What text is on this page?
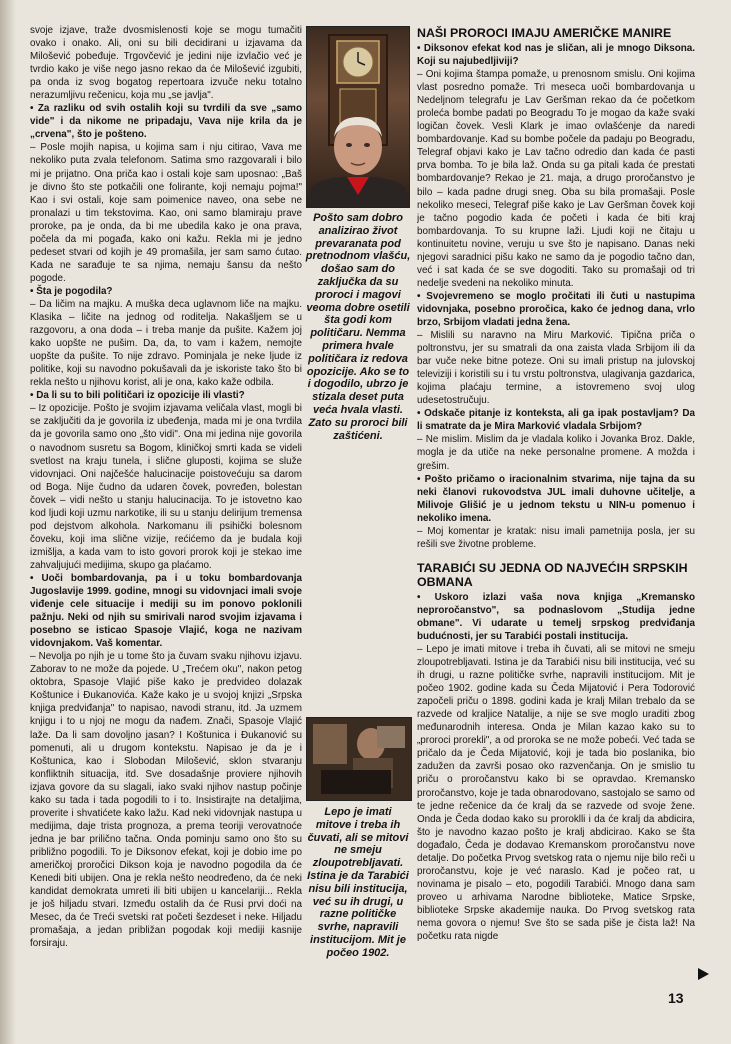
svoje izjave, traže dvosmislenosti koje se mogu tumačiti ovako i onako. Ali, oni su bili decidirani u izjavama da Milošević pobeđuje. Trgovčević je jedini nije izvlačio već je tvrdio kako je više nego jasno rekao da će Milošević izgubiti, pa onda iz svog bogatog repertoara izvuče neku totalno nerazumljivu rečenicu, koja mu „se javlja".

• Za razliku od svih ostalih koji su tvrdili da sve „samo vide" i da nikome ne pripadaju, Vava nije krila da je „crvena", što je pošteno.

– Posle mojih napisa, u kojima sam i nju citirao, Vava me nekoliko puta zvala telefonom. Satima smo razgovarali i bilo mi je prijatno. Ona priča kao i ostali koje sam uposnao: „Baš je divno što ste potkačili one folirante, koji nemaju pojma!" Kao i svi ostali, koje sam poimenice naveo, ona sebe ne pronalazi u tim tekstovima. Kao, oni samo blamiraju prave proroke, pa je onda, da bi me ubedila kako je ona prava, počela da mi pogađa, kako oni kažu. Rekla mi je jedno pedeset stvari od kojih je 49 promašila, jer sam samo ćutao. Kada ne sarađuje te sa njima, nemaju šansu da nešto pogode.

• Šta je pogodila?

– Da ličim na majku. A muška deca uglavnom liče na majku. Klasika – ličite na jednog od roditelja. Nakašljem se u razgovoru, a ona doda – i treba manje da pušite. Kažem joj kako uopšte ne pušim. Da, da, to vam i kažem, nemojte uopšte da pušite. To nije zdravo. Pominjala je neke ljude iz politike, koji su navodno pokušavali da je iskoriste tako što bi rekla nešto u njihovu korist, ali je ona, kako kaže odbila.

• Da li su to bili političari iz opozicije ili vlasti?

– Iz opozicije. Pošto je svojim izjavama veličala vlast, mogli bi se zaključiti da je govorila iz ubeđenja, mada mi je ona tvrdila da je govorila samo ono „što vidi". Ona mi jedina nije govorila o navodnom susretu sa Bogom, kliničkoj smrti kada se videli svetlost na kraju tunela, i slične gluposti, kojima se služe vidovnjaci. Oni najčešće halucinacije poistovećuju sa darom od Boga. Nije čudno da udaren čovek, povređen, bolestan čovek – vidi nešto u stanju halucinacija. To je istovetno kao kod ljudi koji uzmu narkotike, ili su u stanju delirijum tremensa pod dejstvom alkohola. Narkomanu ili psihički bolesnom čoveku, koji ima slične vizije, rećićemo da je budala koji izmišlja, a kada vam to isto govori prorok koji je stekao ime zahvaljujući medijima, skupo ga plaćamo.

• Uoči bombardovanja, pa i u toku bombardovanja Jugoslavije 1999. godine, mnogi su vidovnjaci imali svoje viđenje cele situacije i mediji su im ponovo poklonili pažnju. Neki od njih su smirivali narod svojim izjavama i posebno se isticao Spasoje Vlajić, koga ne nazivam vidovnjakom. Vaš komentar.

– Nevolja po njih je u tome što ja čuvam svaku njihovu izjavu. Zaborav to ne može da pojede. U „Trećem oku", nakon petog oktobra, Spasoje Vlajić piše kako je predvideo dolazak Koštunice i Đukanovića. Kaže kako je u svojoj knjizi „Srpska knjiga predviđanja" to napisao, navodi stranu, itd. Ja uzmem knjigu i to u njoj ne mogu da nađem. Znači, Spasoje Vlajić laže. Da li sam dovoljno jasan? I Koštunica i Đukanović su pomenuti, ali u drugom kontekstu. Napisao je da je i Koštunica, kao i Slobodan Milošević, sklon stvaranju konfliktnih situacija, itd. Sve dosadašnje proviere njihovih izjava govore da su slagali, iako svaki njihov nastup počinje kako su tada i tada pogodili to i to. Insistirajte na detaljima, proverite i shvatićete kako lažu. Kad neki vidovnjak nastupa u medijima, daje trista prognoza, a prema teoriji verovatnoće jedna je bar prilično tačna. Onda pominju samo ono što su približno pogodili. To je Diksonov efekat, koji je dobio ime po američkoj proročici Dikson koja je navodno pogodila da će Kenedi biti ubijen. Ona je rekla nešto neodređeno, da će neki kandidat demokrata umreti ili biti ubijen u kancelariji... Rekla je još hiljadu stvari. Između ostalih da će Rusi prvi doći na Mesec, da će Treći svetski rat početi šezdeset i neke. Hiljadu promašaja, a jedan približan pogodak koji mediji kasnije forsiraju.

Pošto sam dobro analizirao život prevaranata pod pretnodnom vlašću, došao sam do zaključka da su proroci i magovi veoma dobre osetili šta godi kom političaru. Nemma primera hvale političara iz redova opozicije. Ako se to i dogodilo, ubrzo je stizala deset puta veća hvala vlasti. Zato su proroci bili zaštićeni.
Lepo je imati mitove i treba ih čuvati, ali se mitovi ne smeju zloupotrebljavati. Istina je da Tarabići nisu bili institucija, već su ih drugi, u razne političke svrhe, napravili institucijom. Mit je počeo 1902.
NAŠI PROROCI IMAJU AMERIČKE MANIRE

• Diksonov efekat kod nas je sličan, ali je mnogo Diksona. Koji su najubedljiviji?

– Oni kojima štampa pomaže, u prenosnom smislu. Oni kojima vlast posredno pomaže. Tri meseca uoči bombardovanja u Nedeljnom telegrafu je Lav Geršman rekao da će početkom proleća bombe padati po Beogradu To je mogao da kaže svaki logičan čovek. Vesli Klark je imao ovlašćenje da naredi bombardovanje. Kad su bombe počele da padaju po Beogradu, Telegraf objavi kako je Lav tačno odredio dan kada će pasti prva bomba. To je bila laž. Onda su ga pitali kada će prestati bombardovanje? Rekao je 21. maja, a drugo proročanstvo je bilo – kada padne drugi sneg. Oba su bila promašaji. Posle nekoliko meseci, Telegraf piše kako je Lav Geršman čovek koji je tačno pogodio kada će početi i kada će biti kraj bombardovanja. To su krupne laži. Ljudi koji ne čitaju u kontinuitetu novine, veruju u sve što je napisano. Danas neki njegovi saradnici pišu kako ne samo da je pogodio tačno dan, već i sat kada će se sve dogoditi. Tako su promašaji od tri nedelje svedeni na nekoliko minuta.

• Svojevremeno se moglo pročitati ili čuti u nastupima vidovnjaka, posebno proročica, kako će jednog dana, vrlo brzo, Srbijom vladati jedna žena.

– Mislili su naravno na Miru Marković. Tipična priča o poltronstvu, jer su smatrali da ona zaista vlada Srbijom ili da bar vuče neke bitne poteze. Oni su imali pristup na julovskoj televiziji i koristili su i tu vrstu poltronstva, ulagivanja gazdarica, kojima plaćaju termine, a istovremeno svoj ulog udesetostručuju.

• Odskače pitanje iz konteksta, ali ga ipak postavljam? Da li smatrate da je Mira Marković vladala Srbijom?

– Ne mislim. Mislim da je vladala koliko i Jovanka Broz. Dakle, mogla je da utiče na neke personalne promene. A možda i grešim.

• Pošto pričamo o iracionalnim stvarima, nije tajna da su neki članovi rukovodstva JUL imali duhovne učitelje, a Milivoje Glišić je u jednom tekstu u NIN-u pomenuo i nekoliko imena.

– Moj komentar je kratak: nisu imali pametnija posla, jer su rešili sve životne probleme.

TARABIĆI SU JEDNA OD NAJVEĆIH SRPSKIH OBMANA

• Uskoro izlazi vaša nova knjiga „Kremansko neproročanstvo", sa podnaslovom „Studija jedne obmane". Vi udarate u temelj srpskog predviđanja budućnosti, jer su Tarabići postali institucija.

– Lepo je imati mitove i treba ih čuvati, ali se mitovi ne smeju zloupotrebljavati. Istina je da Tarabići nisu bili institucija, već su ih drugi, u razne političke svrhe, napravili institucijom. Mit je počeo 1902. godine kada su Čeda Mijatović i Pera Todorović započeli priču o 1898. godini kada je kralj Milan trebalo da se razvede od kraljice Natalije, a nije se sve moglo uraditi zbog međunarodnih interesa. Onda je Milan kazao kako su to „proroci prorekli", a od proroka se ne može pobeći. Već tada se pričalo da je Čeda Mijatović, koji je tada bio poslanika, bio zadužen da završi posao oko razvenčanja. On je smislio tu priču o proročanstvu kako bi se opravdao. Kremansko proročanstvo, koje je tada obnarodovano, sastojalo se samo od te jedne rečenice da će kralj da se razvede od svoje žene. Onda je Čeda dodao kako su proroklli i da će kralj da abdicira, što je navodno kazao pošto je kralj abdicirao. Kako se šta događalo, Čeda je dodavao Kremanskom proročanstvu nove detalje. Do početka Prvog svetskog rata o njemu nije bilo reči u proročanstvu, koje je već naraslo. Kad je počeo rat, u novinama je pisalo – eto, pogodili Tarabići. Mnogo dana sam proveo u arhivama Narodne biblioteke, Matice Srpske, biblioteke Srpske akademije nauka. Do Prvog svetskog rata nema govora o njemu! Sve što se sada piše je čista laž! Na početku rata nigde

13
